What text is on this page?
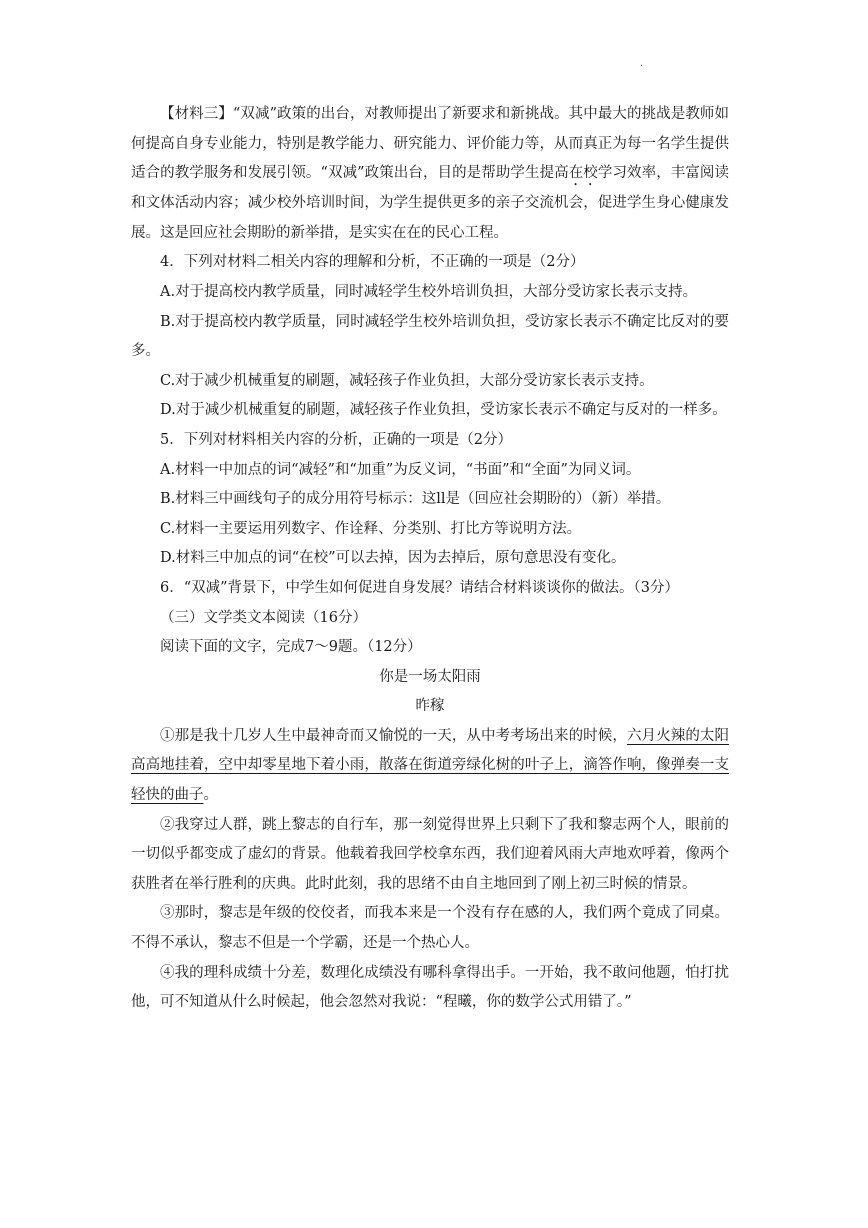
.

【材料三】“双减”政策的出台，对教师提出了新要求和新挑战。其中最大的挑战是教师如何提高自身专业能力，特别是教学能力、研究能力、评价能力等，从而真正为每一名学生提供适合的教学服务和发展引领。“双减”政策出台，目的是帮助学生提高在校学习效率，丰富阅读和文体活动内容；减少校外培训时间，为学生提供更多的亲子交流机会，促进学生身心健康发展。这是回应社会期盼的新举措，是实实在在的民心工程。

4．下列对材料二相关内容的理解和分析，不正确的一项是（2分）

A.对于提高校内教学质量，同时减轻学生校外培训负担，大部分受访家长表示支持。

B.对于提高校内教学质量，同时减轻学生校外培训负担，受访家长表示不确定比反对的要多。

C.对于减少机械重复的刷题，减轻孩子作业负担，大部分受访家长表示支持。

D.对于减少机械重复的刷题，减轻孩子作业负担，受访家长表示不确定与反对的一样多。

5．下列对材料相关内容的分析，正确的一项是（2分）

A.材料一中加点的词“减轻”和“加重”为反义词，“书面”和“全面”为同义词。

B.材料三中画线句子的成分用符号标示：这ll是（回应社会期盼的）（新）举措。

C.材料一主要运用列数字、作诠释、分类别、打比方等说明方法。

D.材料三中加点的词“在校”可以去掉，因为去掉后，原句意思没有变化。

6．“双减”背景下，中学生如何促进自身发展？请结合材料谈谈你的做法。（3分）

（三）文学类文本阅读（16分）

阅读下面的文字，完成7～9题。（12分）

你是一场太阳雨

昨稼

①那是我十几岁人生中最神奇而又愉悦的一天，从中考考场出来的时候，六月火辣的太阳高高地挂着，空中却零星地下着小雨，散落在街道旁绿化树的叶子上，滴答作响，像弹奏一支轻快的曲子。

②我穿过人群，跳上黎志的自行车，那一刻觉得世界上只剩下了我和黎志两个人，眼前的一切似乎都变成了虚幻的背景。他载着我回学校拿东西，我们迎着风雨大声地欢呼着，像两个获胜者在举行胜利的庆典。此时此刻，我的思绪不由自主地回到了刚上初三时候的情景。

③那时，黎志是年级的佼佼者，而我本来是一个没有存在感的人，我们两个竟成了同桌。不得不承认，黎志不但是一个学霸，还是一个热心人。

④我的理科成绩十分差，数理化成绩没有哪科拿得出手。一开始，我不敢问他题，怕打扰他，可不知道从什么时候起，他会忽然对我说：“程曦，你的数学公式用错了。”
